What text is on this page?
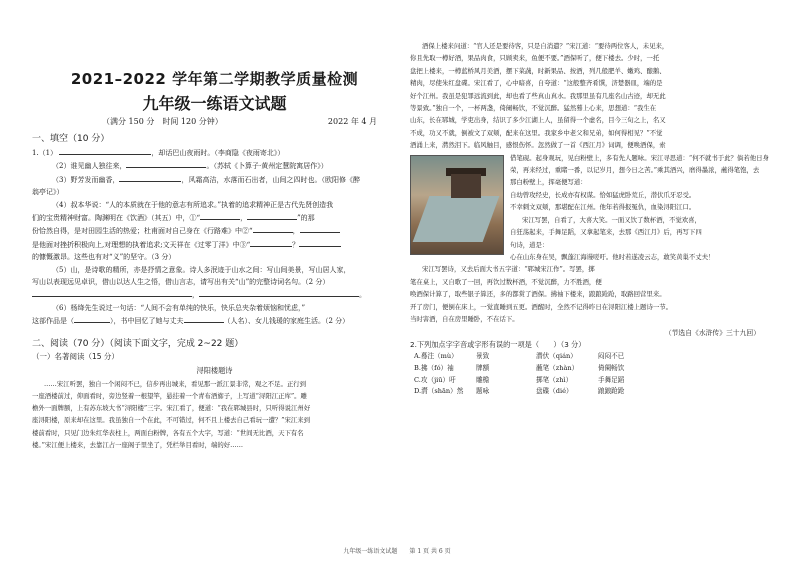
2021–2022 学年第二学期教学质量检测
九年级一练语文试题
（满分 150 分　时间 120 分钟）	2022 年 4 月
一、填空（10 分）

1.（1）	，却话巴山夜雨时。（李商隐《夜雨寄北》）

（2）谁见幽人独往来，	。（苏轼《卜算子·黄州定慧院寓居作》）

（3）野芳发而幽香，	，风霜高洁，水落而石出者，山间之四时也。（欧阳修《醉

翁亭记》）

（4）叔本华说：“人的本质就在于他的意志有所追求。”执着的追求精神正是古代先贤创造我

们的宝贵精神财富。陶渊明在《饮酒》（其五）中，①“	，	”的那

份恰然自得，是对田园生活的热爱；杜甫面对自己身在《行路难》中②“	，

是他面对挫折积极向上,对理想的执着追求;文天祥在《过零丁洋》中③“	？

的慷慨激昂。这些也有对“义”的坚守。（3 分）

（5）山，是诗歌的精所，亦是抒情之意象。诗人多泯迹于山水之间：写山间美景，写山居人家，

写山以表现远见卓识，借山以达人生之悟，借山言志，请写出有关“山”的完整诗词名句。（2 分）

，	。

（6）杨绛先生说过一句话：“人间不会有单纯的快乐，快乐总夹杂着烦恼和忧虑，”

这部作品是（	），书中回忆了她与丈夫	（人名）、女儿钱瑗的家庭生活。（2 分）

二、阅读（70 分）（阅读下面文字，完成 2~22 题）
（一）名著阅读（15 分）
浔阳楼题诗

……宋江听罢，独自一个闲闷不已，信步再出城来，看见那一派江景非常，观之不足。正行到

一座酒楼前过，仰面看时，旁边竖着一根望竿，悬挂着一个青布酒旆子，上写道“浔阳江正库”。雕

檐外一面牌额，上有苏东坡大书“浔阳楼”三字。宋江看了，便道：“我在郓城县时，只听得说江州好

座浔阳楼，原来却在这里。我虽独自一个在此，不可错过，何不且上楼去自己看玩一遭？”宋江来到

楼前看时，只见门边朱红华表柱上，两面白粉牌，各有五个大字，写道：“世间无比酒，天下有名

楼。”宋江便上楼来，去靠江占一座阁子里坐了，凭栏举目看时，端的好……

酒保上楼来问道：“官人还是要待客，只是自消遣？”宋江道：“要待两位客人，未见来，

你且先取一樽好酒，果品肉食，只顾卖来，鱼便不要。”酒保听了，便下楼去。少时，一托

盘把上楼来，一樽蓝桥风月美酒，摆下菜蔬，时新果品、按酒，列几般肥羊、嫩鸡、酿鹅、

精肉，尽使朱红盘碟。宋江看了，心中暗喜，自夸道：“这般整齐肴馔，济楚器皿，端的是

好个江州。我虽是犯罪远流到此，却也看了些真山真水。我那里虽有几座名山古迹，却无此

等景致。”独自一个，一杯两盏，倚阑畅饮，不觉沉醉。猛然蓦上心来，思想道：“我生在

山东，长在郓城，学吏出身，结识了多少江湖上人，虽留得一个虚名，目今三旬之上，名又

不成，功又不就，倒被文了双颊，配来在这里。我家乡中老父和兄弟，如何得相见？”不觉

酒涌上来，潸然泪下。临风触目，感恨伤怀。忽然做了一首《西江月》词调，便唤酒保，索

借笔砚。起身观玩，见白粉壁上，多有先人题咏。宋江寻思道：“何不就书于此？倘若他日身

荣，再来经过，重睹一番，以记岁月，想今日之苦。”乘其酒兴，磨得墨浓，蘸得笔饱，去

那白粉壁上，挥毫便写道：

自幼曾攻经史，长成亦有权谋。恰如猛虎卧荒丘，潜伏爪牙忍受。

不幸刺文双颊，那堪配在江州。他年若得报冤仇，血染浔阳江口。

宋江写罢，自看了，大喜大笑。一面又饮了数杯酒，不觉欢喜，

自狂荡起来，手舞足蹈，又拿起笔来，去那《西江月》后，再写下四

句诗，道是：

心在山东身在吴，飘蓬江海谩嗟吁。他时若遂凌云志，敢笑黄巢不丈夫！

宋江写罢诗，又去后面大书五字道：“郓城宋江作”。写罢，掷

笔在桌上，又自歌了一回，再饮过数杯酒，不觉沉醉，力不胜酒，便

唤酒保计算了，取些银子算还，多的都赏了酒保。拂袖下楼来，踉踉跄跄，取路回营里来。

开了房门，便倒在床上，一觉直睡到五更。酒醒时，全然不记得昨日在浔阳江楼上题诗一节。

当时害酒，自在房里睡卧，不在话下。

（节选自《水浒传》三十九回）
2.下列加点字字音或字形有误的一项是（　　）（3 分）
A.蓦注（mù）	景致	潜伏（qián）	闷闷不已
B.拂（fó）袖	牌额	蘸笔（zhàn）	倚阑畅饮
C.攻（jiū）吁	雕檐	掷笔（zhì）	手舞足蹈
D.潸（shān）然	题咏	盘碟（dié）	踉踉跄跄
九年级一练语文试题　　第 1 页 共 6 页
